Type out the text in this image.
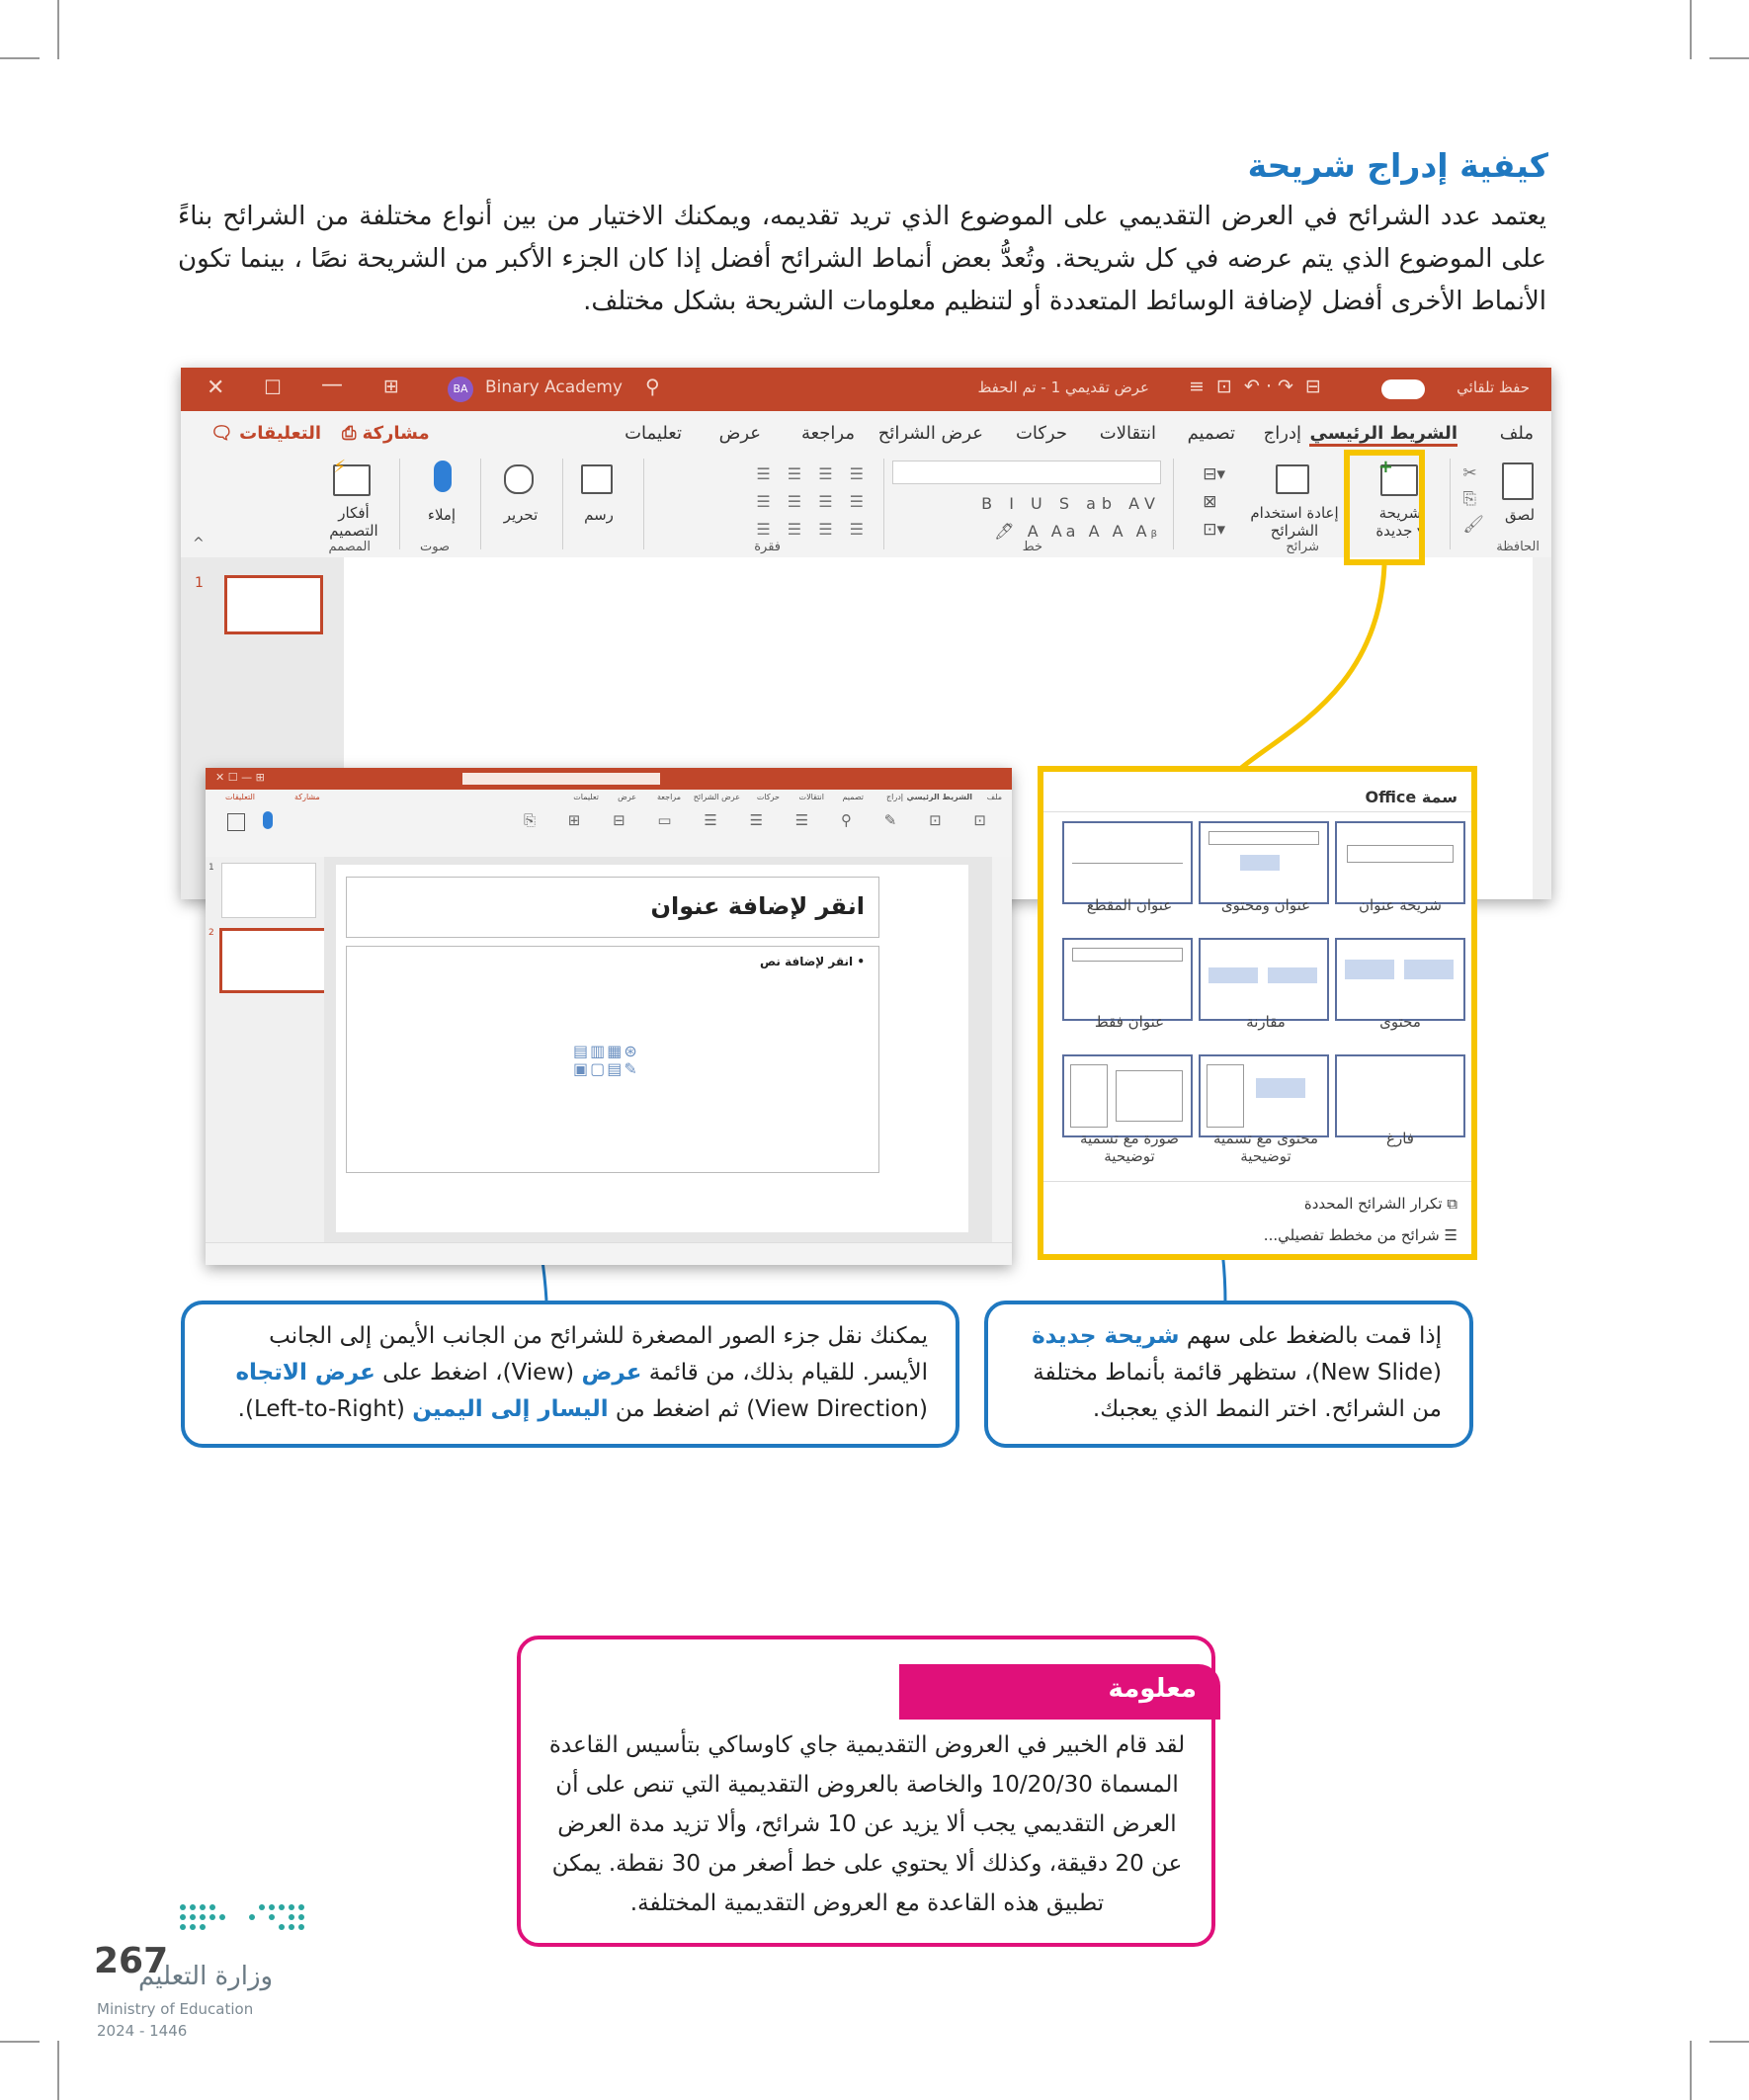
كيفية إدراج شريحة
يعتمد عدد الشرائح في العرض التقديمي على الموضوع الذي تريد تقديمه، ويمكنك الاختيار من بين أنواع مختلفة من الشرائح بناءً على الموضوع الذي يتم عرضه في كل شريحة. وتُعدُّ بعض أنماط الشرائح أفضل إذا كان الجزء الأكبر من الشريحة نصًا ، بينما تكون الأنماط الأخرى أفضل لإضافة الوسائط المتعددة أو لتنظيم معلومات الشريحة بشكل مختلف.
✕ ☐ — ⊞	BA	Binary Academy ⚲	عرض تقديمي 1 - تم الحفظ ≡  ⊡  ↶ · ↷  ⊟	حفظ تلقائي
ملف
الشريط الرئيسي
إدراج
تصميم
انتقالات
حركات
عرض الشرائح
مراجعة
عرض
تعليمات
⎙ مشاركة
🗨 التعليقات
لصق
✂
⎘
🖌
+
شريحة
جديدة ▾
إعادة استخدام
الشرائح
⊟▾
⊠
⊡▾
B I U S ab AV
🖊 A Aa A A Aᵦ
☰ ☰ ☰ ☰
☰ ☰ ☰ ☰
☰ ☰ ☰ ☰
رسم
تحرير
إملاء
⚡
أفكار
التصميم
الحافظة
شرائح
خط
فقرة
صوت
المصمم
^
1
✕ ☐ — ⊞
ملف
الشريط الرئيسي
إدراج
تصميم
انتقالات
حركات
عرض الشرائح
مراجعة
عرض
تعليمات
مشاركة
التعليقات
⎘ ⊞ ⊟ ▭ ☰ ☰ ☰ ⚲ ✎ ⊡ ⊡
1
2
انقر لإضافة عنوان
• انقر لإضافة نص
▤▥▦⊛
▣▢▤✎
سمة Office
شريحة عنوان
عنوان ومحتوى
عنوان المقطع
محتوى
مقارنة
عنوان فقط
فارغ
محتوى مع تسمية توضيحية
صورة مع تسمية توضيحية
⧉ تكرار الشرائح المحددة
☰ شرائح من مخطط تفصيلي...
إذا قمت بالضغط على سهم شريحة جديدة (New Slide)، ستظهر قائمة بأنماط مختلفة من الشرائح. اختر النمط الذي يعجبك.
يمكنك نقل جزء الصور المصغرة للشرائح من الجانب الأيمن إلى الجانب الأيسر. للقيام بذلك، من قائمة عرض (View)، اضغط على عرض الاتجاه (View Direction) ثم اضغط من اليسار إلى اليمين (Left-to-Right).
معلومة
لقد قام الخبير في العروض التقديمية جاي كاوساكي بتأسيس القاعدة المسماة 10/20/30 والخاصة بالعروض التقديمية التي تنص على أن العرض التقديمي يجب ألا يزيد عن 10 شرائح، وألا تزيد مدة العرض عن 20 دقيقة، وكذلك ألا يحتوي على خط أصغر من 30 نقطة. يمكن تطبيق هذه القاعدة مع العروض التقديمية المختلفة.
267
وزارة التعليم
Ministry of Education
2024 - 1446
